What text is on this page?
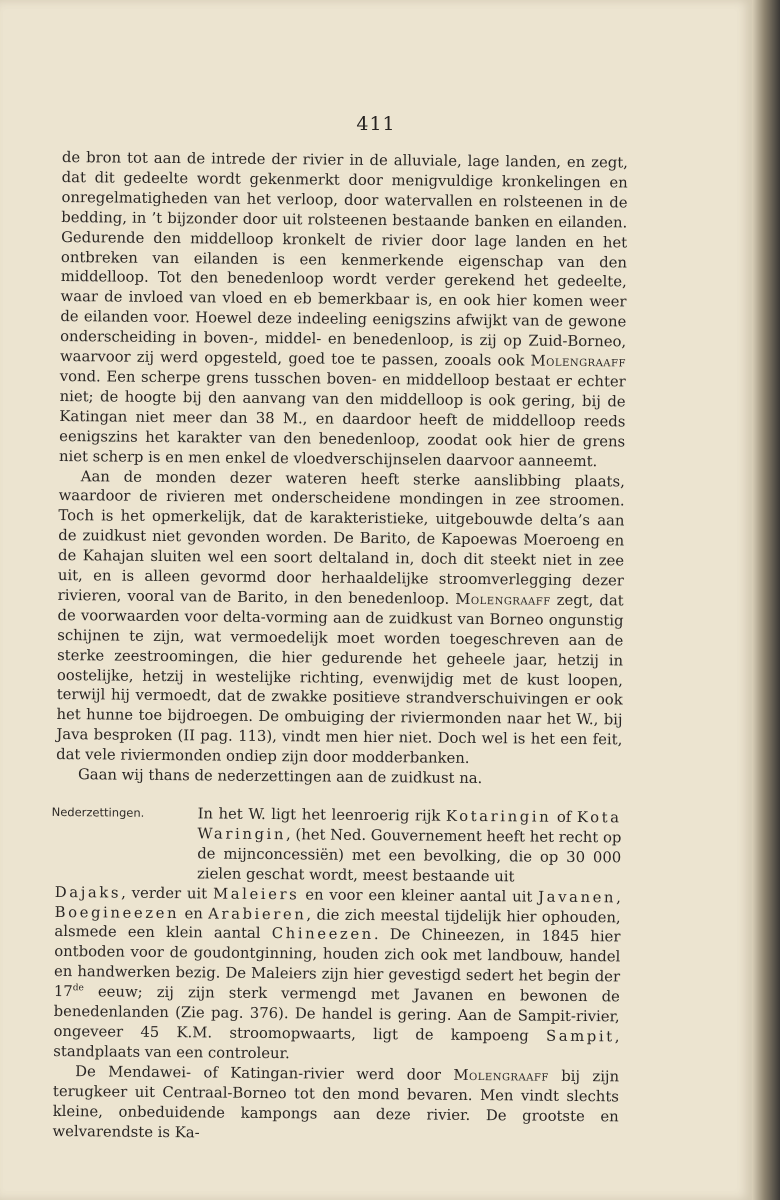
411

de bron tot aan de intrede der rivier in de alluviale, lage landen, en zegt, dat dit gedeelte wordt gekenmerkt door menigvuldige kronkelingen en onregelmatigheden van het verloop, door watervallen en rolsteenen in de bedding, in ’t bijzonder door uit rolsteenen bestaande banken en eilanden. Gedurende den middelloop kronkelt de rivier door lage landen en het ontbreken van eilanden is een kenmerkende eigenschap van den middelloop. Tot den benedenloop wordt verder gerekend het gedeelte, waar de invloed van vloed en eb bemerkbaar is, en ook hier komen weer de eilanden voor. Hoewel deze indeeling eenigszins afwijkt van de gewone onderscheiding in boven-, middel- en benedenloop, is zij op Zuid-Borneo, waarvoor zij werd opgesteld, goed toe te passen, zooals ook Molengraaff vond. Een scherpe grens tusschen boven- en middelloop bestaat er echter niet; de hoogte bij den aanvang van den middelloop is ook gering, bij de Katingan niet meer dan 38 M., en daardoor heeft de middelloop reeds eenigszins het karakter van den benedenloop, zoodat ook hier de grens niet scherp is en men enkel de vloedverschijnselen daarvoor aanneemt.

Aan de monden dezer wateren heeft sterke aanslibbing plaats, waardoor de rivieren met onderscheidene mondingen in zee stroomen. Toch is het opmerkelijk, dat de karakteristieke, uitgebouwde delta’s aan de zuidkust niet gevonden worden. De Barito, de Kapoewas Moeroeng en de Kahajan sluiten wel een soort deltaland in, doch dit steekt niet in zee uit, en is alleen gevormd door herhaaldelijke stroomverlegging dezer rivieren, vooral van de Barito, in den benedenloop. Molengraaff zegt, dat de voorwaarden voor delta-vorming aan de zuidkust van Borneo ongunstig schijnen te zijn, wat vermoedelijk moet worden toegeschreven aan de sterke zeestroomingen, die hier gedurende het geheele jaar, hetzij in oostelijke, hetzij in westelijke richting, evenwijdig met de kust loopen, terwijl hij vermoedt, dat de zwakke positieve strandverschuivingen er ook het hunne toe bijdroegen. De ombuiging der riviermonden naar het W., bij Java besproken (II pag. 113), vindt men hier niet. Doch wel is het een feit, dat vele riviermonden ondiep zijn door modderbanken.

Gaan wij thans de nederzettingen aan de zuidkust na.

Nederzettingen.	In het W. ligt het leenroerig rijk Kotaringin of Kota Waringin, (het Ned. Gouvernement heeft het recht op de mijnconcessiën) met een bevolking, die op 30 000 zielen geschat wordt, meest bestaande uit
Dajaks, verder uit Maleiers en voor een kleiner aantal uit Javanen, Boegineezen en Arabieren, die zich meestal tijdelijk hier ophouden, alsmede een klein aantal Chineezen. De Chineezen, in 1845 hier ontboden voor de goudontginning, houden zich ook met landbouw, handel en handwerken bezig. De Maleiers zijn hier gevestigd sedert het begin der 17de eeuw; zij zijn sterk vermengd met Javanen en bewonen de benedenlanden (Zie pag. 376). De handel is gering. Aan de Sampit-rivier, ongeveer 45 K.M. stroomopwaarts, ligt de kampoeng Sampit, standplaats van een controleur.

De Mendawei- of Katingan-rivier werd door Molengraaff bij zijn terugkeer uit Centraal-Borneo tot den mond bevaren. Men vindt slechts kleine, onbeduidende kampongs aan deze rivier. De grootste en welvarendste is Ka-
